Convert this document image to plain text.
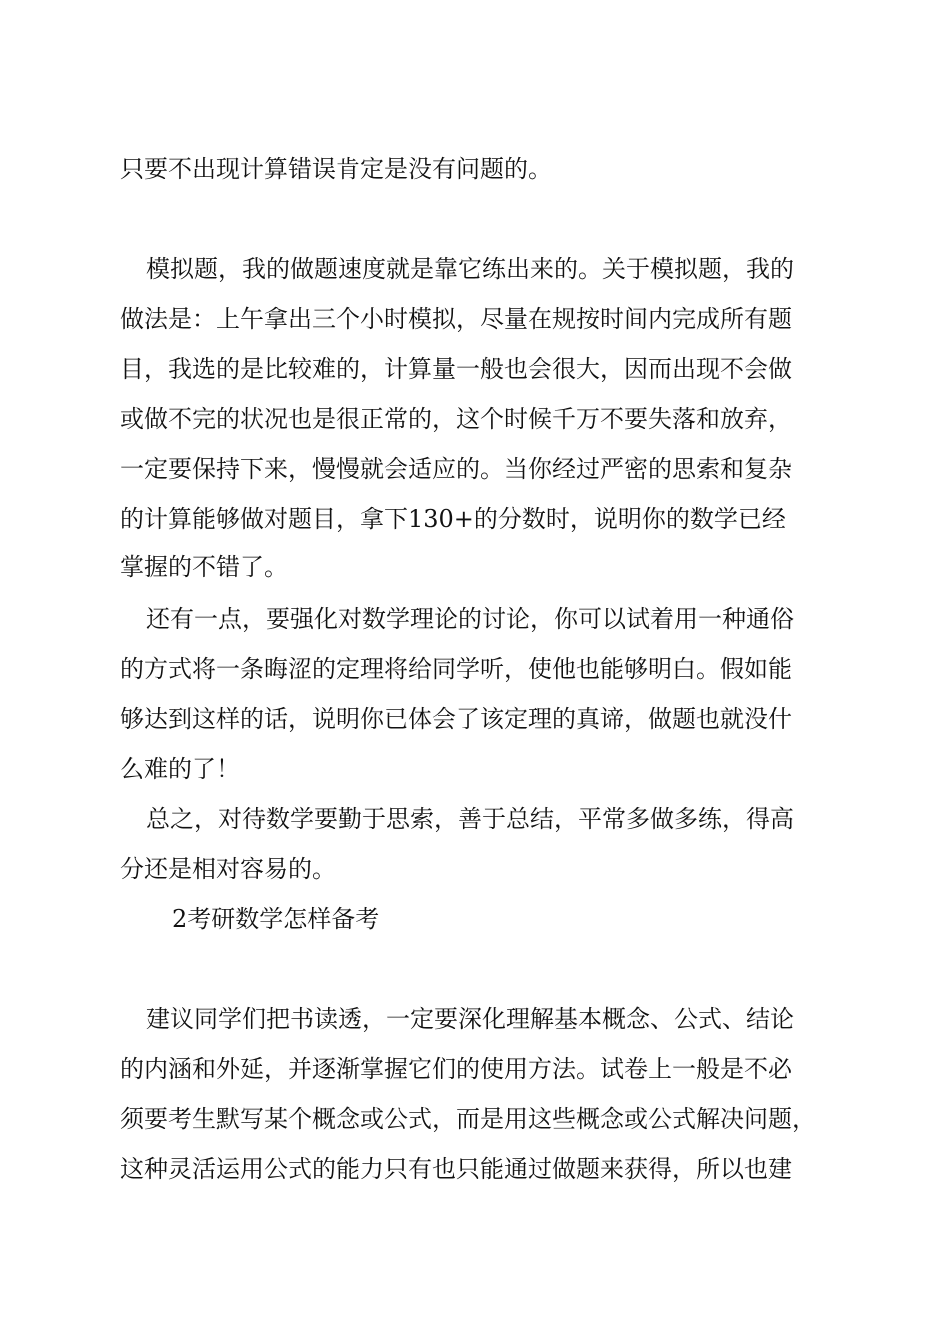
只要不出现计算错误肯定是没有问题的。
模拟题，我的做题速度就是靠它练出来的。关于模拟题，我的
做法是：上午拿出三个小时模拟，尽量在规按时间内完成所有题
目，我选的是比较难的，计算量一般也会很大，因而出现不会做
或做不完的状况也是很正常的，这个时候千万不要失落和放弃，
一定要保持下来，慢慢就会适应的。当你经过严密的思索和复杂
的计算能够做对题目，拿下130+的分数时，说明你的数学已经
掌握的不错了。
还有一点，要强化对数学理论的讨论，你可以试着用一种通俗
的方式将一条晦涩的定理将给同学听，使他也能够明白。假如能
够达到这样的话，说明你已体会了该定理的真谛，做题也就没什
么难的了！
总之，对待数学要勤于思索，善于总结，平常多做多练，得高
分还是相对容易的。
2考研数学怎样备考
建议同学们把书读透，一定要深化理解基本概念、公式、结论
的内涵和外延，并逐渐掌握它们的使用方法。试卷上一般是不必
须要考生默写某个概念或公式，而是用这些概念或公式解决问题，
这种灵活运用公式的能力只有也只能通过做题来获得，所以也建
